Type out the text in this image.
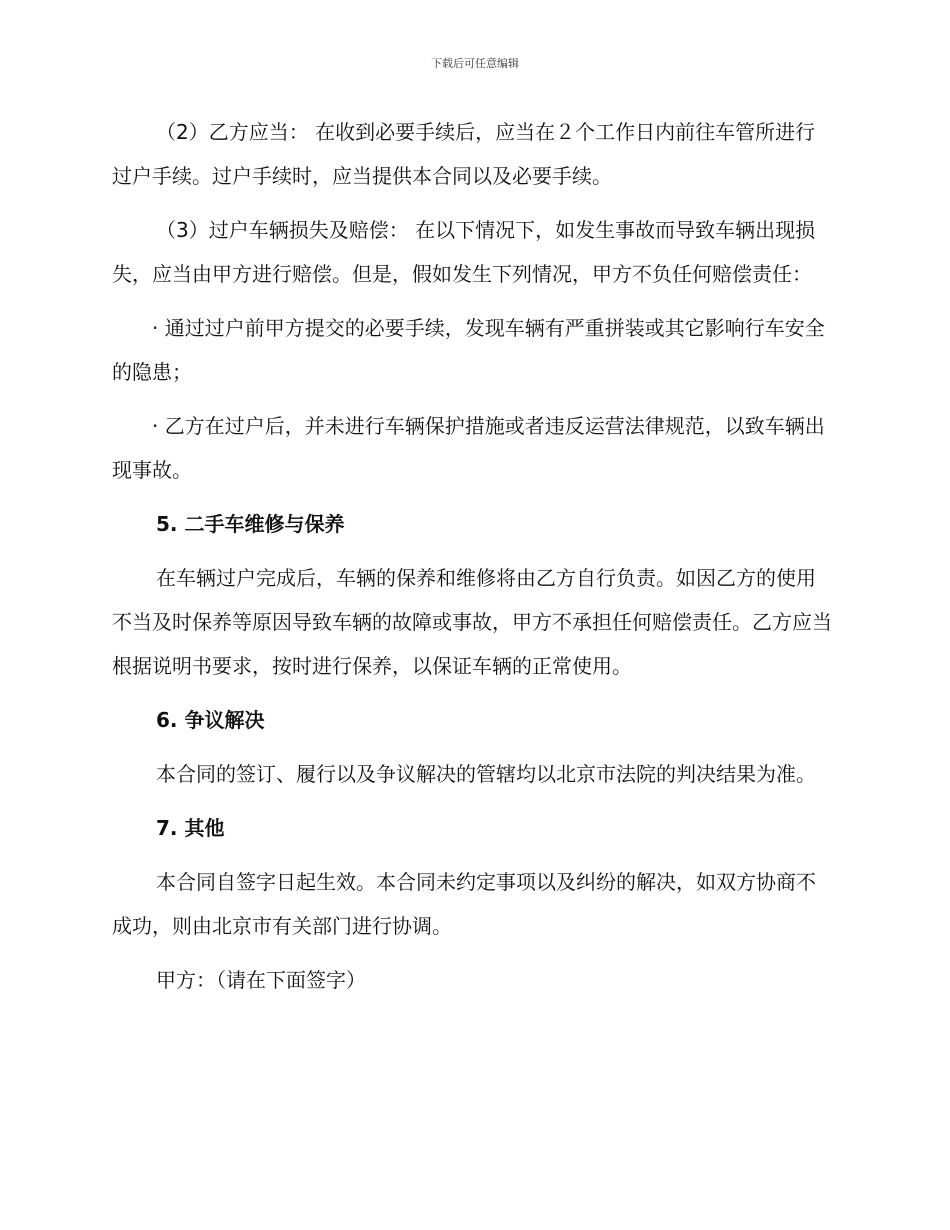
下载后可任意编辑

（2）乙方应当： 在收到必要手续后，应当在２个工作日内前往车管所进行过户手续。过户手续时，应当提供本合同以及必要手续。

（3）过户车辆损失及赔偿： 在以下情况下，如发生事故而导致车辆出现损失，应当由甲方进行赔偿。但是，假如发生下列情况，甲方不负任何赔偿责任：

· 通过过户前甲方提交的必要手续，发现车辆有严重拼装或其它影响行车安全的隐患；

· 乙方在过户后，并未进行车辆保护措施或者违反运营法律规范，以致车辆出现事故。

5. 二手车维修与保养

在车辆过户完成后，车辆的保养和维修将由乙方自行负责。如因乙方的使用不当及时保养等原因导致车辆的故障或事故，甲方不承担任何赔偿责任。乙方应当根据说明书要求，按时进行保养，以保证车辆的正常使用。

6. 争议解决

本合同的签订、履行以及争议解决的管辖均以北京市法院的判决结果为准。

7. 其他

本合同自签字日起生效。本合同未约定事项以及纠纷的解决，如双方协商不成功，则由北京市有关部门进行协调。

甲方：（请在下面签字）
